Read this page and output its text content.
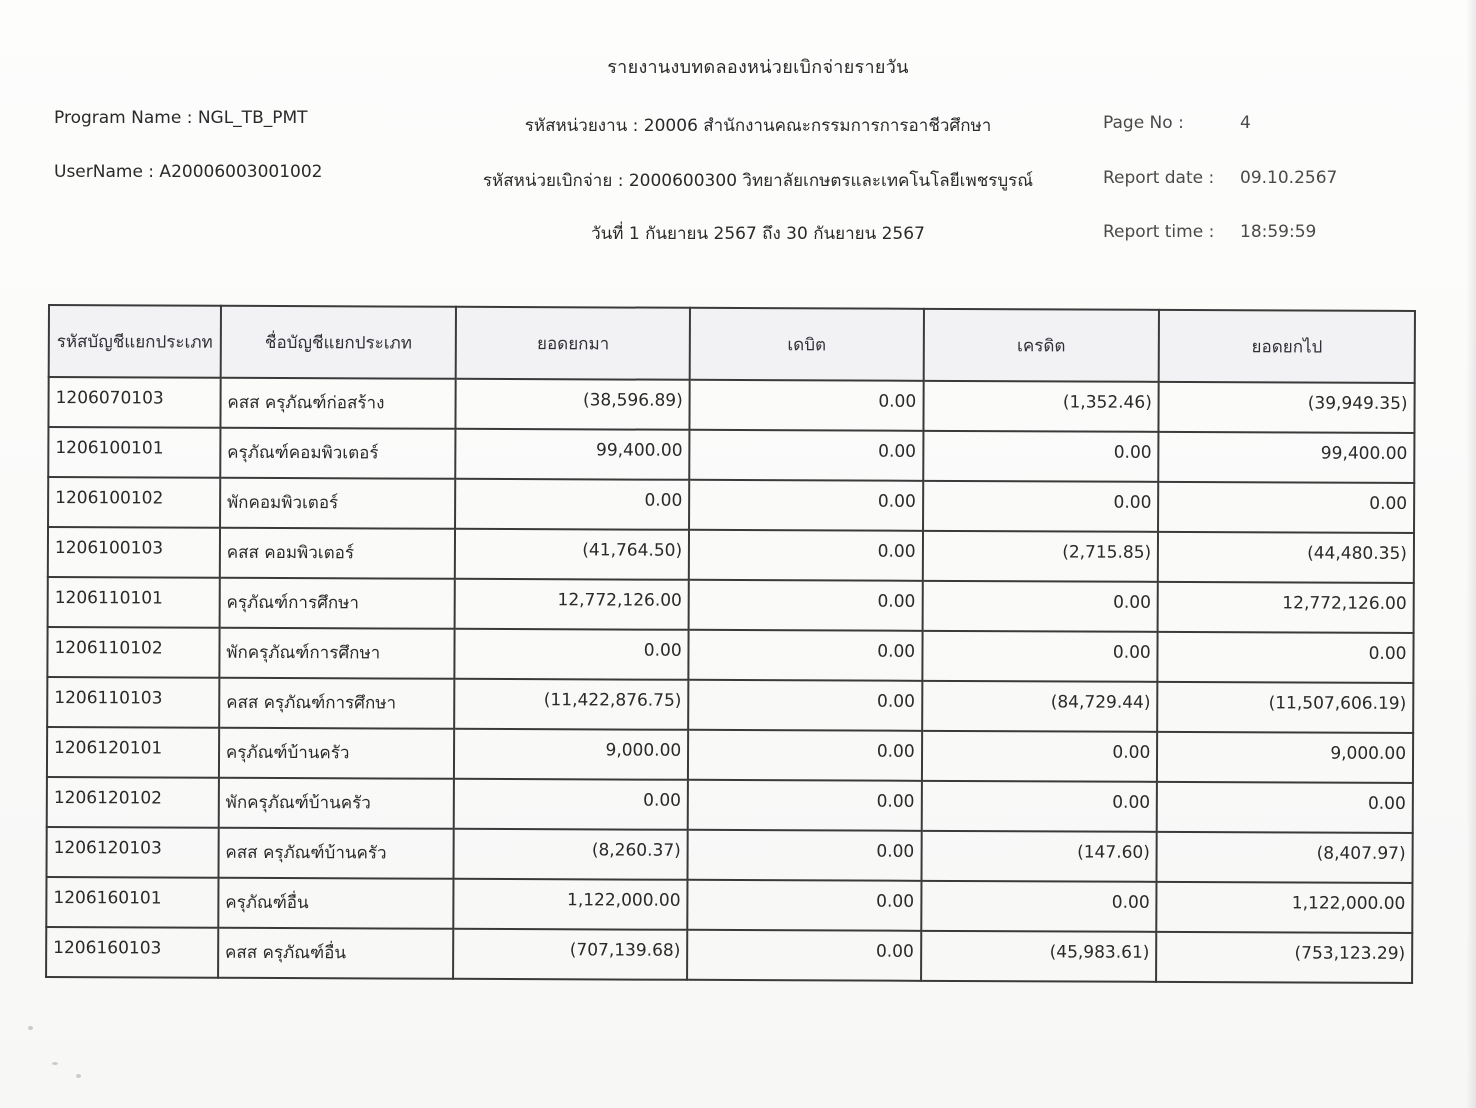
รายงานงบทดลองหน่วยเบิกจ่ายรายวัน
Program Name : NGL_TB_PMT
UserName : A20006003001002
รหัสหน่วยงาน : 20006 สำนักงานคณะกรรมการการอาชีวศึกษา
รหัสหน่วยเบิกจ่าย : 2000600300 วิทยาลัยเกษตรและเทคโนโลยีเพชรบูรณ์
วันที่ 1 กันยายน 2567 ถึง 30 กันยายน 2567
Page No :	4
Report date : 09.10.2567
Report time : 18:59:59
รหัสบัญชีแยกประเภท	ชื่อบัญชีแยกประเภท	ยอดยกมา	เดบิต	เครดิต	ยอดยกไป
1206070103	คสส ครุภัณฑ์ก่อสร้าง	(38,596.89)	0.00	(1,352.46)	(39,949.35)
1206100101	ครุภัณฑ์คอมพิวเตอร์	99,400.00	0.00	0.00	99,400.00
1206100102	พักคอมพิวเตอร์	0.00	0.00	0.00	0.00
1206100103	คสส คอมพิวเตอร์	(41,764.50)	0.00	(2,715.85)	(44,480.35)
1206110101	ครุภัณฑ์การศึกษา	12,772,126.00	0.00	0.00	12,772,126.00
1206110102	พักครุภัณฑ์การศึกษา	0.00	0.00	0.00	0.00
1206110103	คสส ครุภัณฑ์การศึกษา	(11,422,876.75)	0.00	(84,729.44)	(11,507,606.19)
1206120101	ครุภัณฑ์บ้านครัว	9,000.00	0.00	0.00	9,000.00
1206120102	พักครุภัณฑ์บ้านครัว	0.00	0.00	0.00	0.00
1206120103	คสส ครุภัณฑ์บ้านครัว	(8,260.37)	0.00	(147.60)	(8,407.97)
1206160101	ครุภัณฑ์อื่น	1,122,000.00	0.00	0.00	1,122,000.00
1206160103	คสส ครุภัณฑ์อื่น	(707,139.68)	0.00	(45,983.61)	(753,123.29)
